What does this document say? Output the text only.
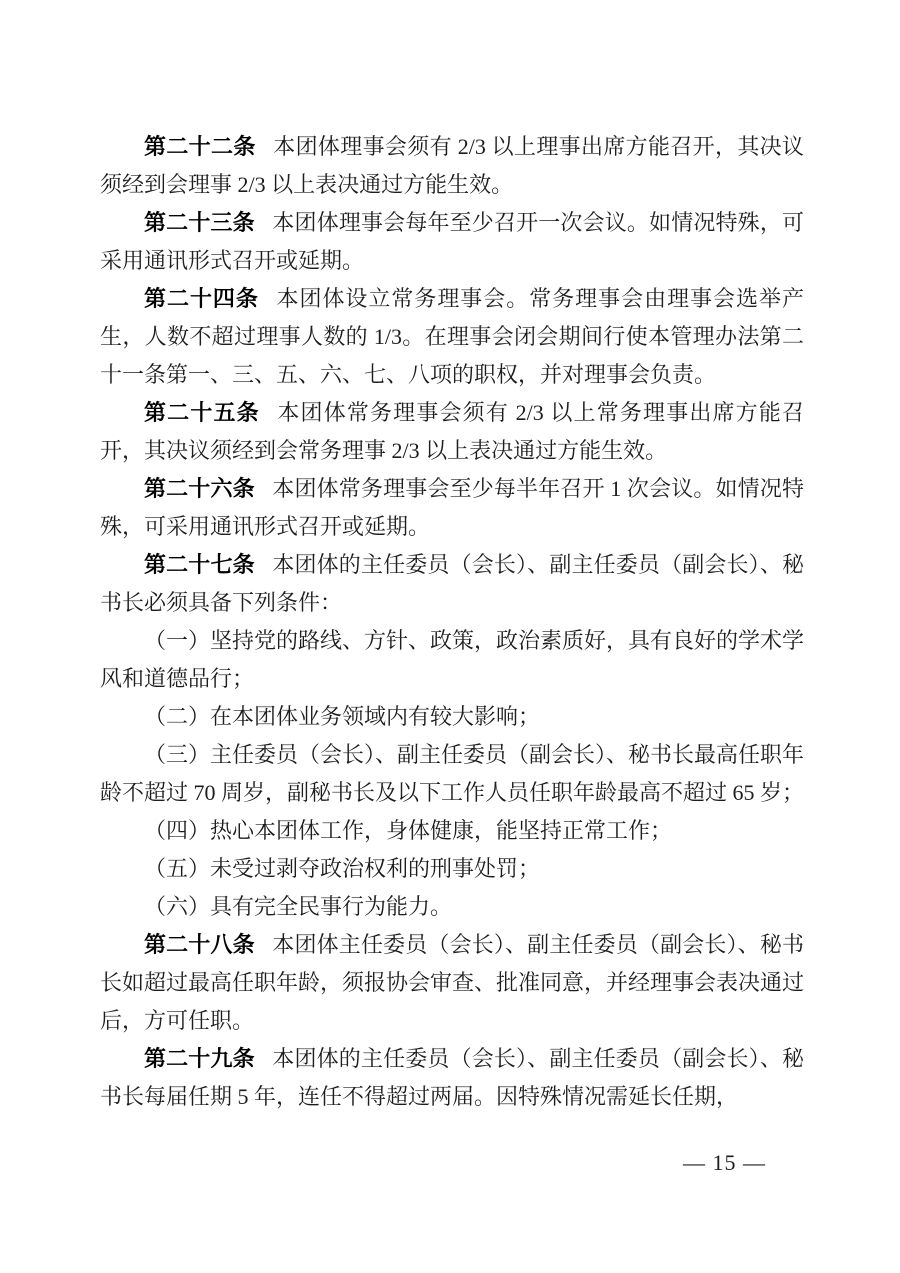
第二十二条 本团体理事会须有 2/3 以上理事出席方能召开，其决议须经到会理事 2/3 以上表决通过方能生效。

第二十三条 本团体理事会每年至少召开一次会议。如情况特殊，可采用通讯形式召开或延期。

第二十四条 本团体设立常务理事会。常务理事会由理事会选举产生，人数不超过理事人数的 1/3。在理事会闭会期间行使本管理办法第二十一条第一、三、五、六、七、八项的职权，并对理事会负责。

第二十五条 本团体常务理事会须有 2/3 以上常务理事出席方能召开，其决议须经到会常务理事 2/3 以上表决通过方能生效。

第二十六条 本团体常务理事会至少每半年召开 1 次会议。如情况特殊，可采用通讯形式召开或延期。

第二十七条 本团体的主任委员（会长）、副主任委员（副会长）、秘书长必须具备下列条件：

（一）坚持党的路线、方针、政策，政治素质好，具有良好的学术学风和道德品行；

（二）在本团体业务领域内有较大影响；

（三）主任委员（会长）、副主任委员（副会长）、秘书长最高任职年龄不超过 70 周岁，副秘书长及以下工作人员任职年龄最高不超过 65 岁；

（四）热心本团体工作，身体健康，能坚持正常工作；

（五）未受过剥夺政治权利的刑事处罚；

（六）具有完全民事行为能力。

第二十八条 本团体主任委员（会长）、副主任委员（副会长）、秘书长如超过最高任职年龄，须报协会审查、批准同意，并经理事会表决通过后，方可任职。

第二十九条 本团体的主任委员（会长）、副主任委员（副会长）、秘书长每届任期 5 年，连任不得超过两届。因特殊情况需延长任期，

— 15 —
